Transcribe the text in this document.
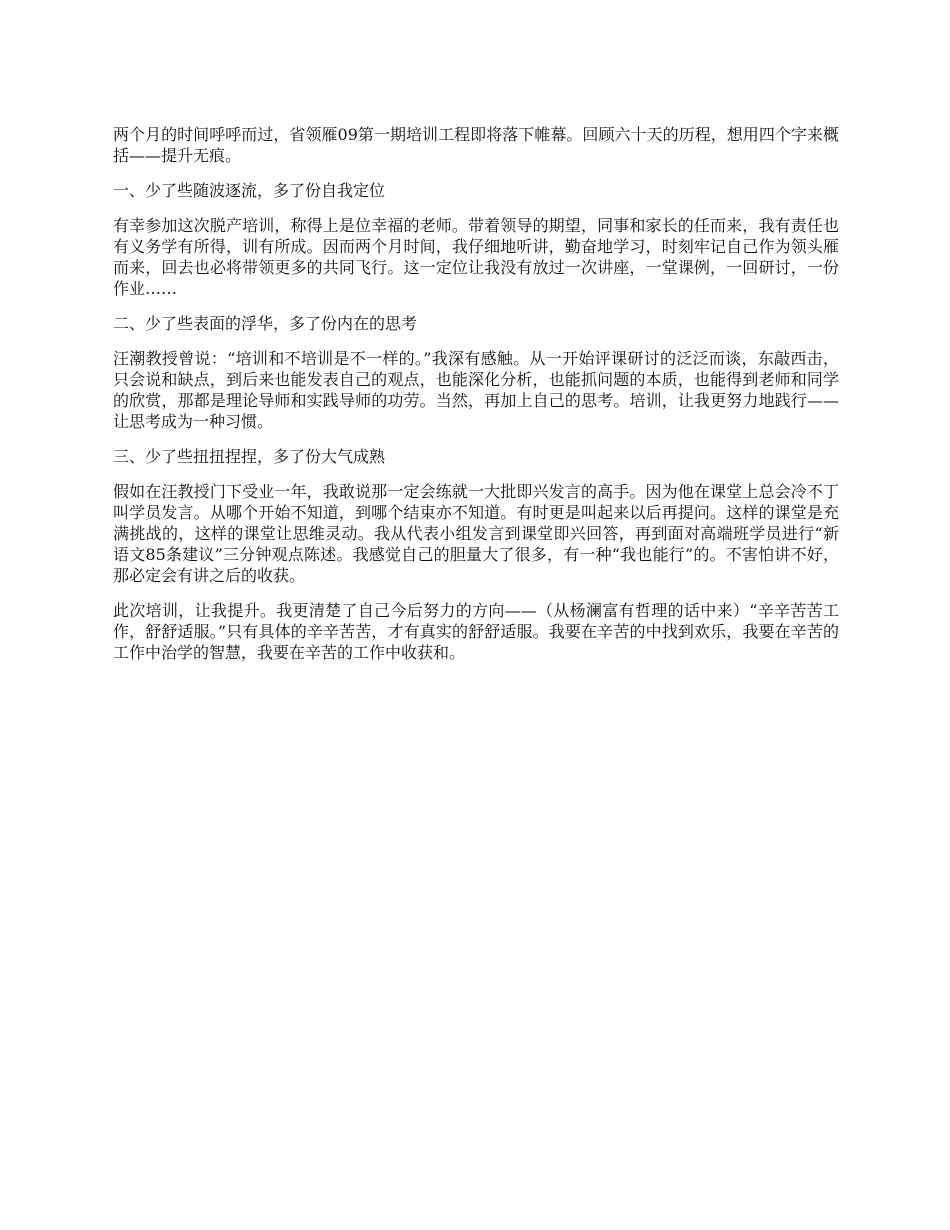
两个月的时间呼呼而过，省领雁09第一期培训工程即将落下帷幕。回顾六十天的历程，想用四个字来概括——提升无痕。

一、少了些随波逐流，多了份自我定位

有幸参加这次脱产培训，称得上是位幸福的老师。带着领导的期望，同事和家长的任而来，我有责任也有义务学有所得，训有所成。因而两个月时间，我仔细地听讲，勤奋地学习，时刻牢记自己作为领头雁而来，回去也必将带领更多的共同飞行。这一定位让我没有放过一次讲座，一堂课例，一回研讨，一份作业……

二、少了些表面的浮华，多了份内在的思考

汪潮教授曾说：“培训和不培训是不一样的。”我深有感触。从一开始评课研讨的泛泛而谈，东敲西击，只会说和缺点，到后来也能发表自己的观点，也能深化分析，也能抓问题的本质，也能得到老师和同学的欣赏，那都是理论导师和实践导师的功劳。当然，再加上自己的思考。培训，让我更努力地践行——让思考成为一种习惯。

三、少了些扭扭捏捏，多了份大气成熟

假如在汪教授门下受业一年，我敢说那一定会练就一大批即兴发言的高手。因为他在课堂上总会冷不丁叫学员发言。从哪个开始不知道，到哪个结束亦不知道。有时更是叫起来以后再提问。这样的课堂是充满挑战的，这样的课堂让思维灵动。我从代表小组发言到课堂即兴回答，再到面对高端班学员进行“新语文85条建议”三分钟观点陈述。我感觉自己的胆量大了很多，有一种“我也能行”的。不害怕讲不好，那必定会有讲之后的收获。

此次培训，让我提升。我更清楚了自己今后努力的方向——（从杨澜富有哲理的话中来）“辛辛苦苦工作，舒舒适服。”只有具体的辛辛苦苦，才有真实的舒舒适服。我要在辛苦的中找到欢乐，我要在辛苦的工作中治学的智慧，我要在辛苦的工作中收获和。
